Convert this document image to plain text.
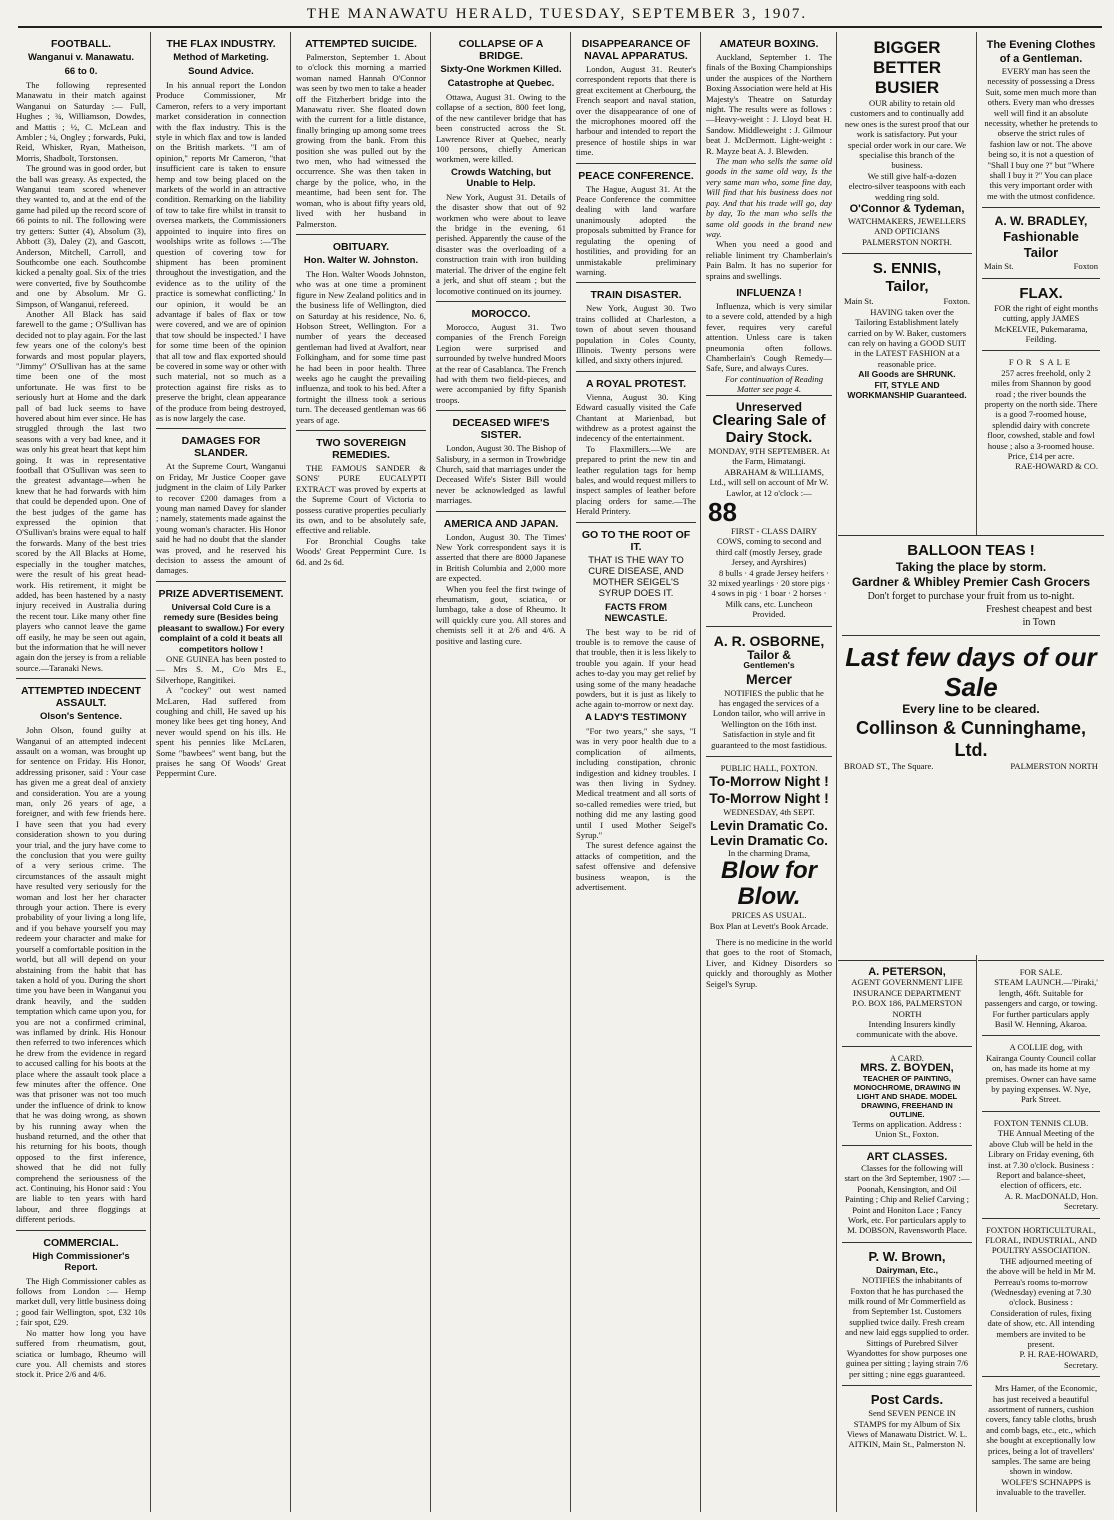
THE MANAWATU HERALD, TUESDAY, SEPTEMBER 3, 1907.
FOOTBALL.
Wanganui v. Manawatu.
66 to 0.

The following represented Manawatu in their match against Wanganui on Saturday :— Full, Hughes ; ¾, Williamson, Dowdes, and Mattis ; ½, C. McLean and Ambler ; ¼, Ongley ; forwards, Puki, Reid, Whisker, Ryan, Matheison, Morris, Shadbolt, Torstonsen.

The ground was in good order, but the ball was greasy. As expected, the Wanganui team scored whenever they wanted to, and at the end of the game had piled up the record score of 66 points to nil. The following were try getters: Sutter (4), Absolum (3), Abbott (3), Daley (2), and Gascott, Anderson, Mitchell, Carroll, and Southcombe one each. Southcombe kicked a penalty goal. Six of the tries were converted, five by Southcombe and one by Absolum. Mr G. Simpson, of Wanganui, refereed.

Another All Black has said farewell to the game ; O'Sullivan has decided not to play again. For the last few years one of the colony's best forwards and most popular players, "Jimmy" O'Sullivan has at the same time been one of the most unfortunate. He was first to be seriously hurt at Home and the dark pall of bad luck seems to have hovered about him ever since. He has struggled through the last two seasons with a very bad knee, and it was only his great heart that kept him going. It was in representative football that O'Sullivan was seen to the greatest advantage—when he knew that he had forwards with him that could be depended upon. One of the best judges of the game has expressed the opinion that O'Sullivan's brains were equal to half the forwards. Many of the best tries scored by the All Blacks at Home, especially in the tougher matches, were the result of his great head-work. His retirement, it might be added, has been hastened by a nasty injury received in Australia during the recent tour. Like many other fine players who cannot leave the game off easily, he may be seen out again, but the information that he will never again don the jersey is from a reliable source.—Taranaki News.

ATTEMPTED INDECENT ASSAULT.
Olson's Sentence.

John Olson, found guilty at Wanganui of an attempted indecent assault on a woman, was brought up for sentence on Friday. His Honor, addressing prisoner, said : Your case has given me a great deal of anxiety and consideration. You are a young man, only 26 years of age, a foreigner, and with few friends here. I have seen that you had every consideration shown to you during your trial, and the jury have come to the conclusion that you were guilty of a very serious crime. The circumstances of the assault might have resulted very seriously for the woman and lost her her character through your action. There is every probability of your living a long life, and if you behave yourself you may redeem your character and make for yourself a comfortable position in the world, but all will depend on your abstaining from the habit that has taken a hold of you. During the short time you have been in Wanganui you drank heavily, and the sudden temptation which came upon you, for you are not a confirmed criminal, was inflamed by drink. His Honour then referred to two inferences which he drew from the evidence in regard to accused calling for his boots at the place where the assault took place a few minutes after the offence. One was that prisoner was not too much under the influence of drink to know that he was doing wrong, as shown by his running away when the husband returned, and the other that his returning for his boots, though opposed to the first inference, showed that he did not fully comprehend the seriousness of the act. Continuing, his Honor said : You are liable to ten years with hard labour, and three floggings at different periods.

COMMERCIAL.
High Commissioner's Report.

The High Commissioner cables as follows from London :— Hemp market dull, very little business doing ; good fair Wellington, spot, £32 10s ; fair spot, £29.

No matter how long you have suffered from rheumatism, gout, sciatica or lumbago, Rheumo will cure you. All chemists and stores stock it. Price 2/6 and 4/6.

THE FLAX INDUSTRY.
Method of Marketing.
Sound Advice.

In his annual report the London Produce Commissioner, Mr Cameron, refers to a very important market consideration in connection with the flax industry. This is the style in which flax and tow is landed on the British markets. "I am of opinion," reports Mr Cameron, "that insufficient care is taken to ensure hemp and tow being placed on the markets of the world in an attractive condition. Remarking on the liability of tow to take fire whilst in transit to oversea markets, the Commissioners appointed to inquire into fires on woolships write as follows :—'The question of covering tow for shipment has been prominent throughout the investigation, and the evidence as to the utility of the practice is somewhat conflicting.' In our opinion, it would be an advantage if bales of flax or tow were covered, and we are of opinion that tow should be inspected.' I have for some time been of the opinion that all tow and flax exported should be covered in some way or other with such material, not so much as a protection against fire risks as to preserve the bright, clean appearance of the produce from being destroyed, as is now largely the case.

DAMAGES FOR SLANDER.

At the Supreme Court, Wanganui on Friday, Mr Justice Cooper gave judgment in the claim of Lily Parker to recover £200 damages from a young man named Davey for slander ; namely, statements made against the young woman's character. His Honor said he had no doubt that the slander was proved, and he reserved his decision to assess the amount of damages.

PRIZE ADVERTISEMENT.

Universal Cold Cure is a remedy sure (Besides being pleasant to swallow.) For every complaint of a cold it beats all competitors hollow !

ONE GUINEA has been posted to— Mrs S. M., C/o Mrs E., Silverhope, Rangitikei.

A "cockey" out west named McLaren, Had suffered from coughing and chill, He saved up his money like bees get ting honey, And never would spend on his ills. He spent his pennies like McLaren, Some "bawbees" went bang, but the praises he sang Of Woods' Great Peppermint Cure.

ATTEMPTED SUICIDE.

Palmerston, September 1. About to o'clock this morning a married woman named Hannah O'Connor was seen by two men to take a header off the Fitzherbert bridge into the Manawatu river. She floated down with the current for a little distance, finally bringing up among some trees growing from the bank. From this position she was pulled out by the two men, who had witnessed the occurrence. She was then taken in charge by the police, who, in the meantime, had been sent for. The woman, who is about fifty years old, lived with her husband in Palmerston.

OBITUARY.
Hon. Walter W. Johnston.

The Hon. Walter Woods Johnston, who was at one time a prominent figure in New Zealand politics and in the business life of Wellington, died on Saturday at his residence, No. 6, Hobson Street, Wellington. For a number of years the deceased gentleman had lived at Avalfort, near Folkingham, and for some time past he had been in poor health. Three weeks ago he caught the prevailing influenza, and took to his bed. After a fortnight the illness took a serious turn. The deceased gentleman was 66 years of age.

TWO SOVEREIGN REMEDIES.

THE FAMOUS SANDER & SONS' PURE EUCALYPTI EXTRACT was proved by experts at the Supreme Court of Victoria to possess curative properties peculiarly its own, and to be absolutely safe, effective and reliable.

For Bronchial Coughs take Woods' Great Peppermint Cure. 1s 6d. and 2s 6d.

COLLAPSE OF A BRIDGE.
Sixty-One Workmen Killed.
Catastrophe at Quebec.

Ottawa, August 31. Owing to the collapse of a section, 800 feet long, of the new cantilever bridge that has been constructed across the St. Lawrence River at Quebec, nearly 100 persons, chiefly American workmen, were killed.

Crowds Watching, but Unable to Help.

New York, August 31. Details of the disaster show that out of 92 workmen who were about to leave the bridge in the evening, 61 perished. Apparently the cause of the disaster was the overloading of a construction train with iron building material. The driver of the engine felt a jerk, and shut off steam ; but the locomotive continued on its journey.

MOROCCO.

Morocco, August 31. Two companies of the French Foreign Legion were surprised and surrounded by twelve hundred Moors at the rear of Casablanca. The French had with them two field-pieces, and were accompanied by fifty Spanish troops.

DECEASED WIFE'S SISTER.

London, August 30. The Bishop of Salisbury, in a sermon in Trowbridge Church, said that marriages under the Deceased Wife's Sister Bill would never be acknowledged as lawful marriages.

AMERICA AND JAPAN.

London, August 30. The Times' New York correspondent says it is asserted that there are 8000 Japanese in British Columbia and 2,000 more are expected.

When you feel the first twinge of rheumatism, gout, sciatica, or lumbago, take a dose of Rheumo. It will quickly cure you. All stores and chemists sell it at 2/6 and 4/6. A positive and lasting cure.

DISAPPEARANCE OF NAVAL APPARATUS.

London, August 31. Reuter's correspondent reports that there is great excitement at Cherbourg, the French seaport and naval station, over the disappearance of one of the microphones moored off the harbour and intended to report the presence of hostile ships in war time.

PEACE CONFERENCE.

The Hague, August 31. At the Peace Conference the committee dealing with land warfare unanimously adopted the proposals submitted by France for regulating the opening of hostilities, and providing for an unmistakable preliminary warning.

TRAIN DISASTER.

New York, August 30. Two trains collided at Charleston, a town of about seven thousand population in Coles County, Illinois. Twenty persons were killed, and sixty others injured.

A ROYAL PROTEST.

Vienna, August 30. King Edward casually visited the Cafe Chantant at Marienbad, but withdrew as a protest against the indecency of the entertainment.

To Flaxmillers.—We are prepared to print the new tin and leather regulation tags for hemp bales, and would request millers to inspect samples of leather before placing orders for same.—The Herald Printery.

GO TO THE ROOT OF IT.
THAT IS THE WAY TO CURE DISEASE, AND MOTHER SEIGEL'S SYRUP DOES IT.
FACTS FROM NEWCASTLE.

The best way to be rid of trouble is to remove the cause of that trouble, then it is less likely to trouble you again. If your head aches to-day you may get relief by using some of the many headache powders, but it is just as likely to ache again to-morrow or next day.

A LADY'S TESTIMONY

"For two years," she says, "I was in very poor health due to a complication of ailments, including constipation, chronic indigestion and kidney troubles. I was then living in Sydney. Medical treatment and all sorts of so-called remedies were tried, but nothing did me any lasting good until I used Mother Seigel's Syrup."

The surest defence against the attacks of competition, and the safest offensive and defensive business weapon, is the advertisement.

AMATEUR BOXING.

Auckland, September 1. The finals of the Boxing Championships under the auspices of the Northern Boxing Association were held at His Majesty's Theatre on Saturday night. The results were as follows :—Heavy-weight : J. Lloyd beat H. Sandow. Middleweight : J. Gilmour beat J. McDermott. Light-weight : R. Mayze beat A. J. Blewden.

The man who sells the same old goods in the same old way, Is the very same man who, some fine day, Will find that his business does not pay. And that his trade will go, day by day, To the man who sells the same old goods in the brand new way.

When you need a good and reliable liniment try Chamberlain's Pain Balm. It has no superior for sprains and swellings.

INFLUENZA !

Influenza, which is very similar to a severe cold, attended by a high fever, requires very careful attention. Unless care is taken pneumonia often follows. Chamberlain's Cough Remedy—Safe, Sure, and always Cures.

For continuation of Reading Matter see page 4.

Unreserved
Clearing Sale of Dairy Stock.
MONDAY, 9TH SEPTEMBER. At the Farm, Himatangi.

ABRAHAM & WILLIAMS, Ltd., will sell on account of Mr W. Lawlor, at 12 o'clock :—

88

FIRST - CLASS DAIRY COWS, coming to second and third calf (mostly Jersey, grade Jersey, and Ayrshires)

8 bulls · 4 grade Jersey heifers · 32 mixed yearlings · 20 store pigs · 4 sows in pig · 1 boar · 2 horses · Milk cans, etc. Luncheon Provided.

A. R. OSBORNE,
Tailor &
Gentlemen's
Mercer

NOTIFIES the public that he has engaged the services of a London tailor, who will arrive in Wellington on the 16th inst. Satisfaction in style and fit guaranteed to the most fastidious.

PUBLIC HALL, FOXTON.
To-Morrow Night !
To-Morrow Night !
WEDNESDAY, 4th SEPT.
Levin Dramatic Co.
Levin Dramatic Co.
In the charming Drama,
Blow for Blow.
PRICES AS USUAL.
Box Plan at Levett's Book Arcade.

There is no medicine in the world that goes to the root of Stomach, Liver, and Kidney Disorders so quickly and thoroughly as Mother Seigel's Syrup.

BIGGER BETTER BUSIER

OUR ability to retain old customers and to continually add new ones is the surest proof that our work is satisfactory. Put your special order work in our care. We specialise this branch of the business.

We still give half-a-dozen electro-silver teaspoons with each wedding ring sold.

O'Connor & Tydeman,
WATCHMAKERS, JEWELLERS AND OPTICIANS
PALMERSTON NORTH.
S. ENNIS,
Tailor,
Main St.	Foxton.

HAVING taken over the Tailoring Establishment lately carried on by W. Baker, customers can rely on having a GOOD SUIT in the LATEST FASHION at a reasonable price.

All Goods are SHRUNK.
FIT, STYLE AND WORKMANSHIP Guaranteed.
The Evening Clothes of a Gentleman.

EVERY man has seen the necessity of possessing a Dress Suit, some men much more than others. Every man who dresses well will find it an absolute necessity, whether he pretends to observe the strict rules of fashion law or not. The above being so, it is not a question of "Shall I buy one ?" but "Where shall I buy it ?" You can place this very important order with me with the utmost confidence.

A. W. BRADLEY,
Fashionable
Tailor
Main St.	Foxton
FLAX.

FOR the right of eight months cutting, apply JAMES McKELVIE, Pukemarama, Feilding.

FOR SALE

257 acres freehold, only 2 miles from Shannon by good road ; the river bounds the property on the north side. There is a good 7-roomed house, splendid dairy with concrete floor, cowshed, stable and fowl house ; also a 3-roomed house. Price, £14 per acre.

RAE-HOWARD & CO.
BALLOON TEAS !
Taking the place by storm.
Gardner & Whibley Premier Cash Grocers
Don't forget to purchase your fruit from us to-night.
Freshest cheapest and best in Town
Last few days of our Sale
Every line to be cleared.
Collinson & Cunninghame, Ltd.
BROAD ST., The Square.	PALMERSTON NORTH
A. PETERSON,
AGENT GOVERNMENT LIFE INSURANCE DEPARTMENT
P.O. BOX 186, PALMERSTON NORTH

Intending Insurers kindly communicate with the above.

A CARD.
MRS. Z. BOYDEN,
TEACHER OF PAINTING, MONOCHROME, DRAWING IN LIGHT AND SHADE. MODEL DRAWING, FREEHAND IN OUTLINE.
Terms on application. Address : Union St., Foxton.
ART CLASSES.

Classes for the following will start on the 3rd September, 1907 :— Poonah, Kensington, and Oil Painting ; Chip and Relief Carving ; Point and Honiton Lace ; Fancy Work, etc. For particulars apply to M. DOBSON, Ravensworth Place.

P. W. Brown,
Dairyman, Etc.,

NOTIFIES the inhabitants of Foxton that he has purchased the milk round of Mr Commerfield as from September 1st. Customers supplied twice daily. Fresh cream and new laid eggs supplied to order.

Sittings of Purebred Silver Wyandottes for show purposes one guinea per sitting ; laying strain 7/6 per sitting ; nine eggs guaranteed.

Post Cards.

Send SEVEN PENCE IN STAMPS for my Album of Six Views of Manawatu District. W. L. AITKIN, Main St., Palmerston N.

FOR SALE.

STEAM LAUNCH.—'Piraki,' length, 46ft. Suitable for passengers and cargo, or towing. For further particulars apply Basil W. Henning, Akaroa.

A COLLIE dog, with Kairanga County Council collar on, has made its home at my premises. Owner can have same by paying expenses. W. Nye, Park Street.

FOXTON TENNIS CLUB.

THE Annual Meeting of the above Club will be held in the Library on Friday evening, 6th inst. at 7.30 o'clock. Business : Report and balance-sheet, election of officers, etc.

A. R. MacDONALD, Hon. Secretary.
FOXTON HORTICULTURAL, FLORAL, INDUSTRIAL, AND POULTRY ASSOCIATION.

THE adjourned meeting of the above will be held in Mr M. Perreau's rooms to-morrow (Wednesday) evening at 7.30 o'clock. Business : Consideration of rules, fixing date of show, etc. All intending members are invited to be present.

P. H. RAE-HOWARD, Secretary.

Mrs Hamer, of the Economic, has just received a beautiful assortment of runners, cushion covers, fancy table cloths, brush and comb bags, etc., etc., which she bought at exceptionally low prices, being a lot of travellers' samples. The same are being shown in window.

WOLFE'S SCHNAPPS is invaluable to the traveller.
